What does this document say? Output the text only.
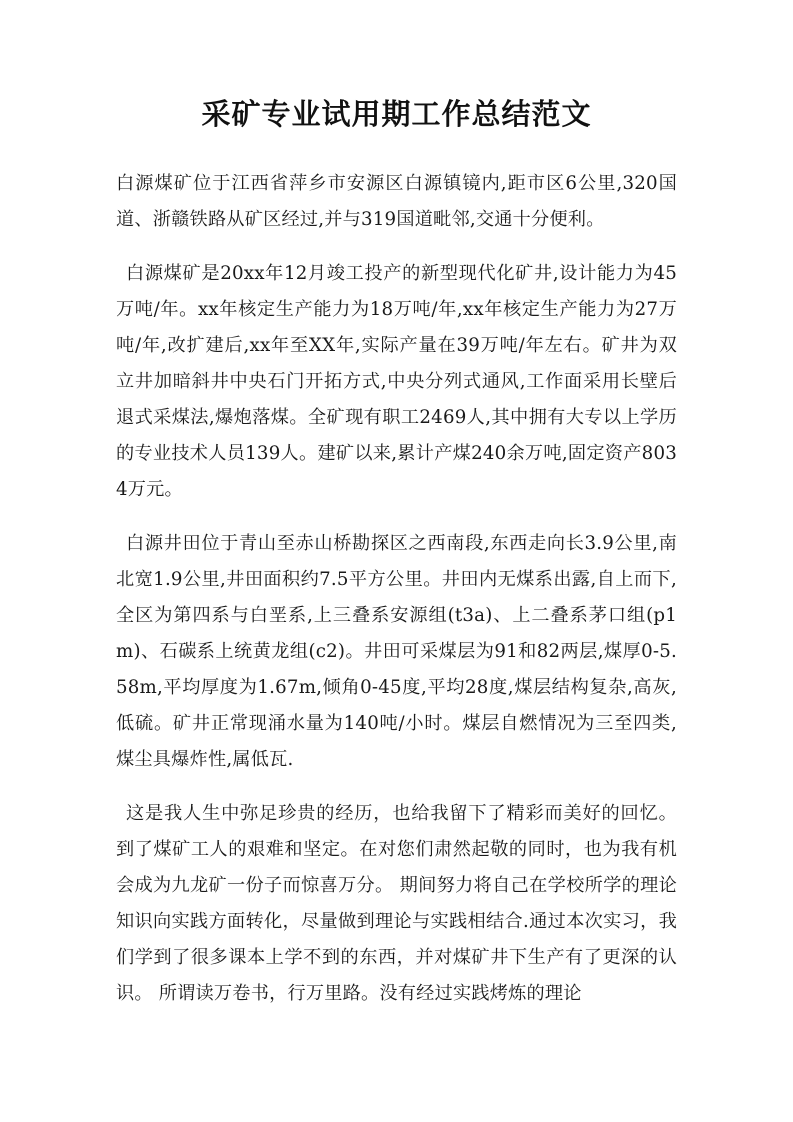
采矿专业试用期工作总结范文

白源煤矿位于江西省萍乡市安源区白源镇镜内,距市区6公里,320国道、浙赣铁路从矿区经过,并与319国道毗邻,交通十分便利。

白源煤矿是20xx年12月竣工投产的新型现代化矿井,设计能力为45万吨/年。xx年核定生产能力为18万吨/年,xx年核定生产能力为27万吨/年,改扩建后,xx年至XX年,实际产量在39万吨/年左右。矿井为双立井加暗斜井中央石门开拓方式,中央分列式通风,工作面采用长壁后退式采煤法,爆炮落煤。全矿现有职工2469人,其中拥有大专以上学历的专业技术人员139人。建矿以来,累计产煤240余万吨,固定资产8034万元。

白源井田位于青山至赤山桥勘探区之西南段,东西走向长3.9公里,南北宽1.9公里,井田面积约7.5平方公里。井田内无煤系出露,自上而下,全区为第四系与白垩系,上三叠系安源组(t3a)、上二叠系茅口组(p1m)、石碳系上统黄龙组(c2)。井田可采煤层为91和82两层,煤厚0-5.58m,平均厚度为1.67m,倾角0-45度,平均28度,煤层结构复杂,高灰,低硫。矿井正常现涌水量为140吨/小时。煤层自燃情况为三至四类,煤尘具爆炸性,属低瓦.

这是我人生中弥足珍贵的经历，也给我留下了精彩而美好的回忆。到了煤矿工人的艰难和坚定。在对您们肃然起敬的同时，也为我有机会成为九龙矿一份子而惊喜万分。 期间努力将自己在学校所学的理论知识向实践方面转化，尽量做到理论与实践相结合.通过本次实习，我们学到了很多课本上学不到的东西，并对煤矿井下生产有了更深的认识。 所谓读万卷书，行万里路。没有经过实践烤炼的理论
